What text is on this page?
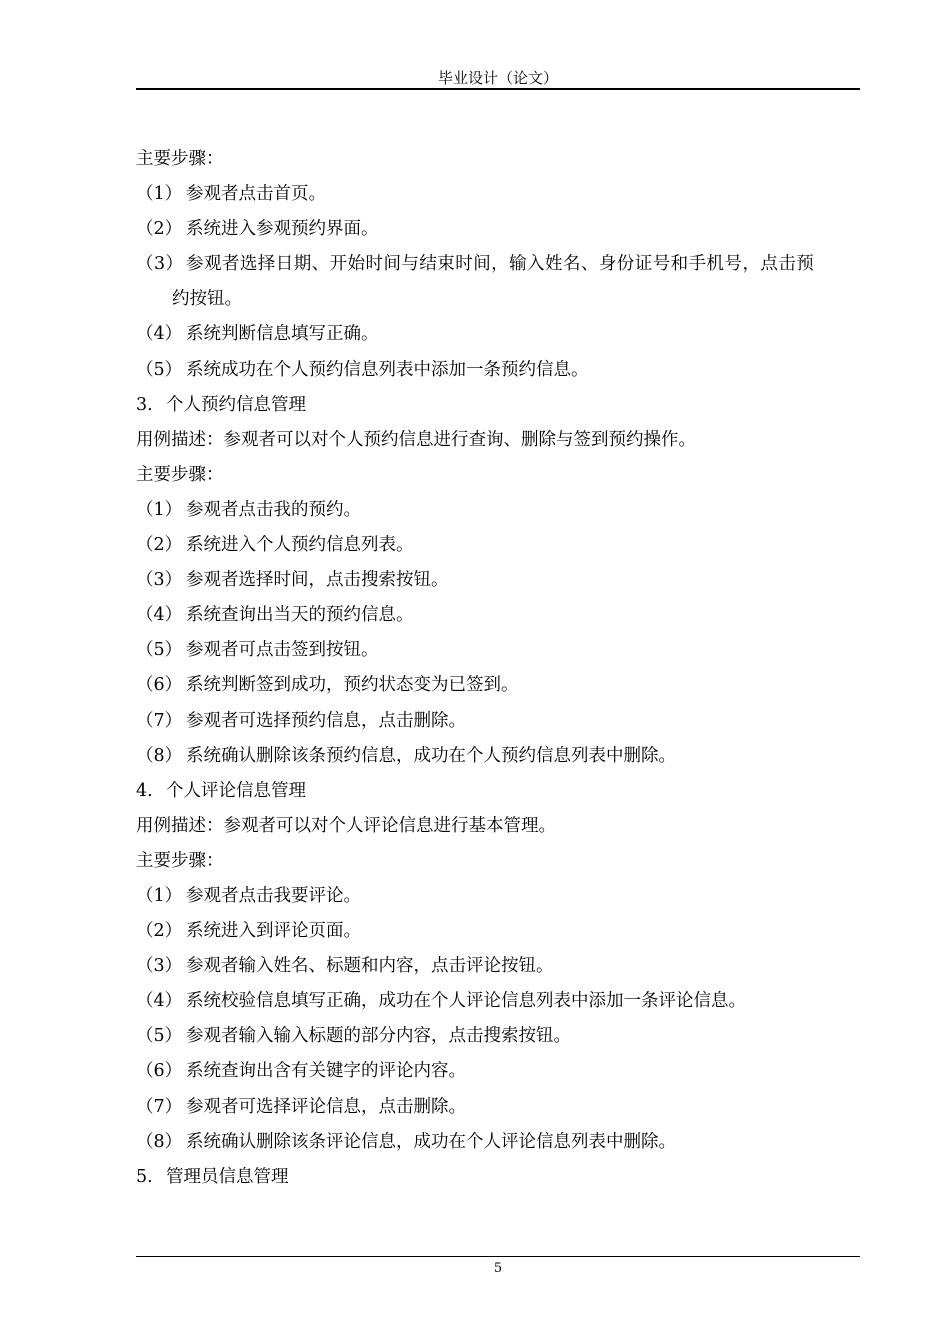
毕业设计（论文）
主要步骤：
（1） 参观者点击首页。
（2） 系统进入参观预约界面。
（3） 参观者选择日期、开始时间与结束时间，输入姓名、身份证号和手机号，点击预
约按钮。
（4） 系统判断信息填写正确。
（5） 系统成功在个人预约信息列表中添加一条预约信息。
3. 个人预约信息管理
用例描述：参观者可以对个人预约信息进行查询、删除与签到预约操作。
主要步骤：
（1） 参观者点击我的预约。
（2） 系统进入个人预约信息列表。
（3） 参观者选择时间，点击搜索按钮。
（4） 系统查询出当天的预约信息。
（5） 参观者可点击签到按钮。
（6） 系统判断签到成功，预约状态变为已签到。
（7） 参观者可选择预约信息，点击删除。
（8） 系统确认删除该条预约信息，成功在个人预约信息列表中删除。
4. 个人评论信息管理
用例描述：参观者可以对个人评论信息进行基本管理。
主要步骤：
（1） 参观者点击我要评论。
（2） 系统进入到评论页面。
（3） 参观者输入姓名、标题和内容，点击评论按钮。
（4） 系统校验信息填写正确，成功在个人评论信息列表中添加一条评论信息。
（5） 参观者输入输入标题的部分内容，点击搜索按钮。
（6） 系统查询出含有关键字的评论内容。
（7） 参观者可选择评论信息，点击删除。
（8） 系统确认删除该条评论信息，成功在个人评论信息列表中删除。
5. 管理员信息管理
5
